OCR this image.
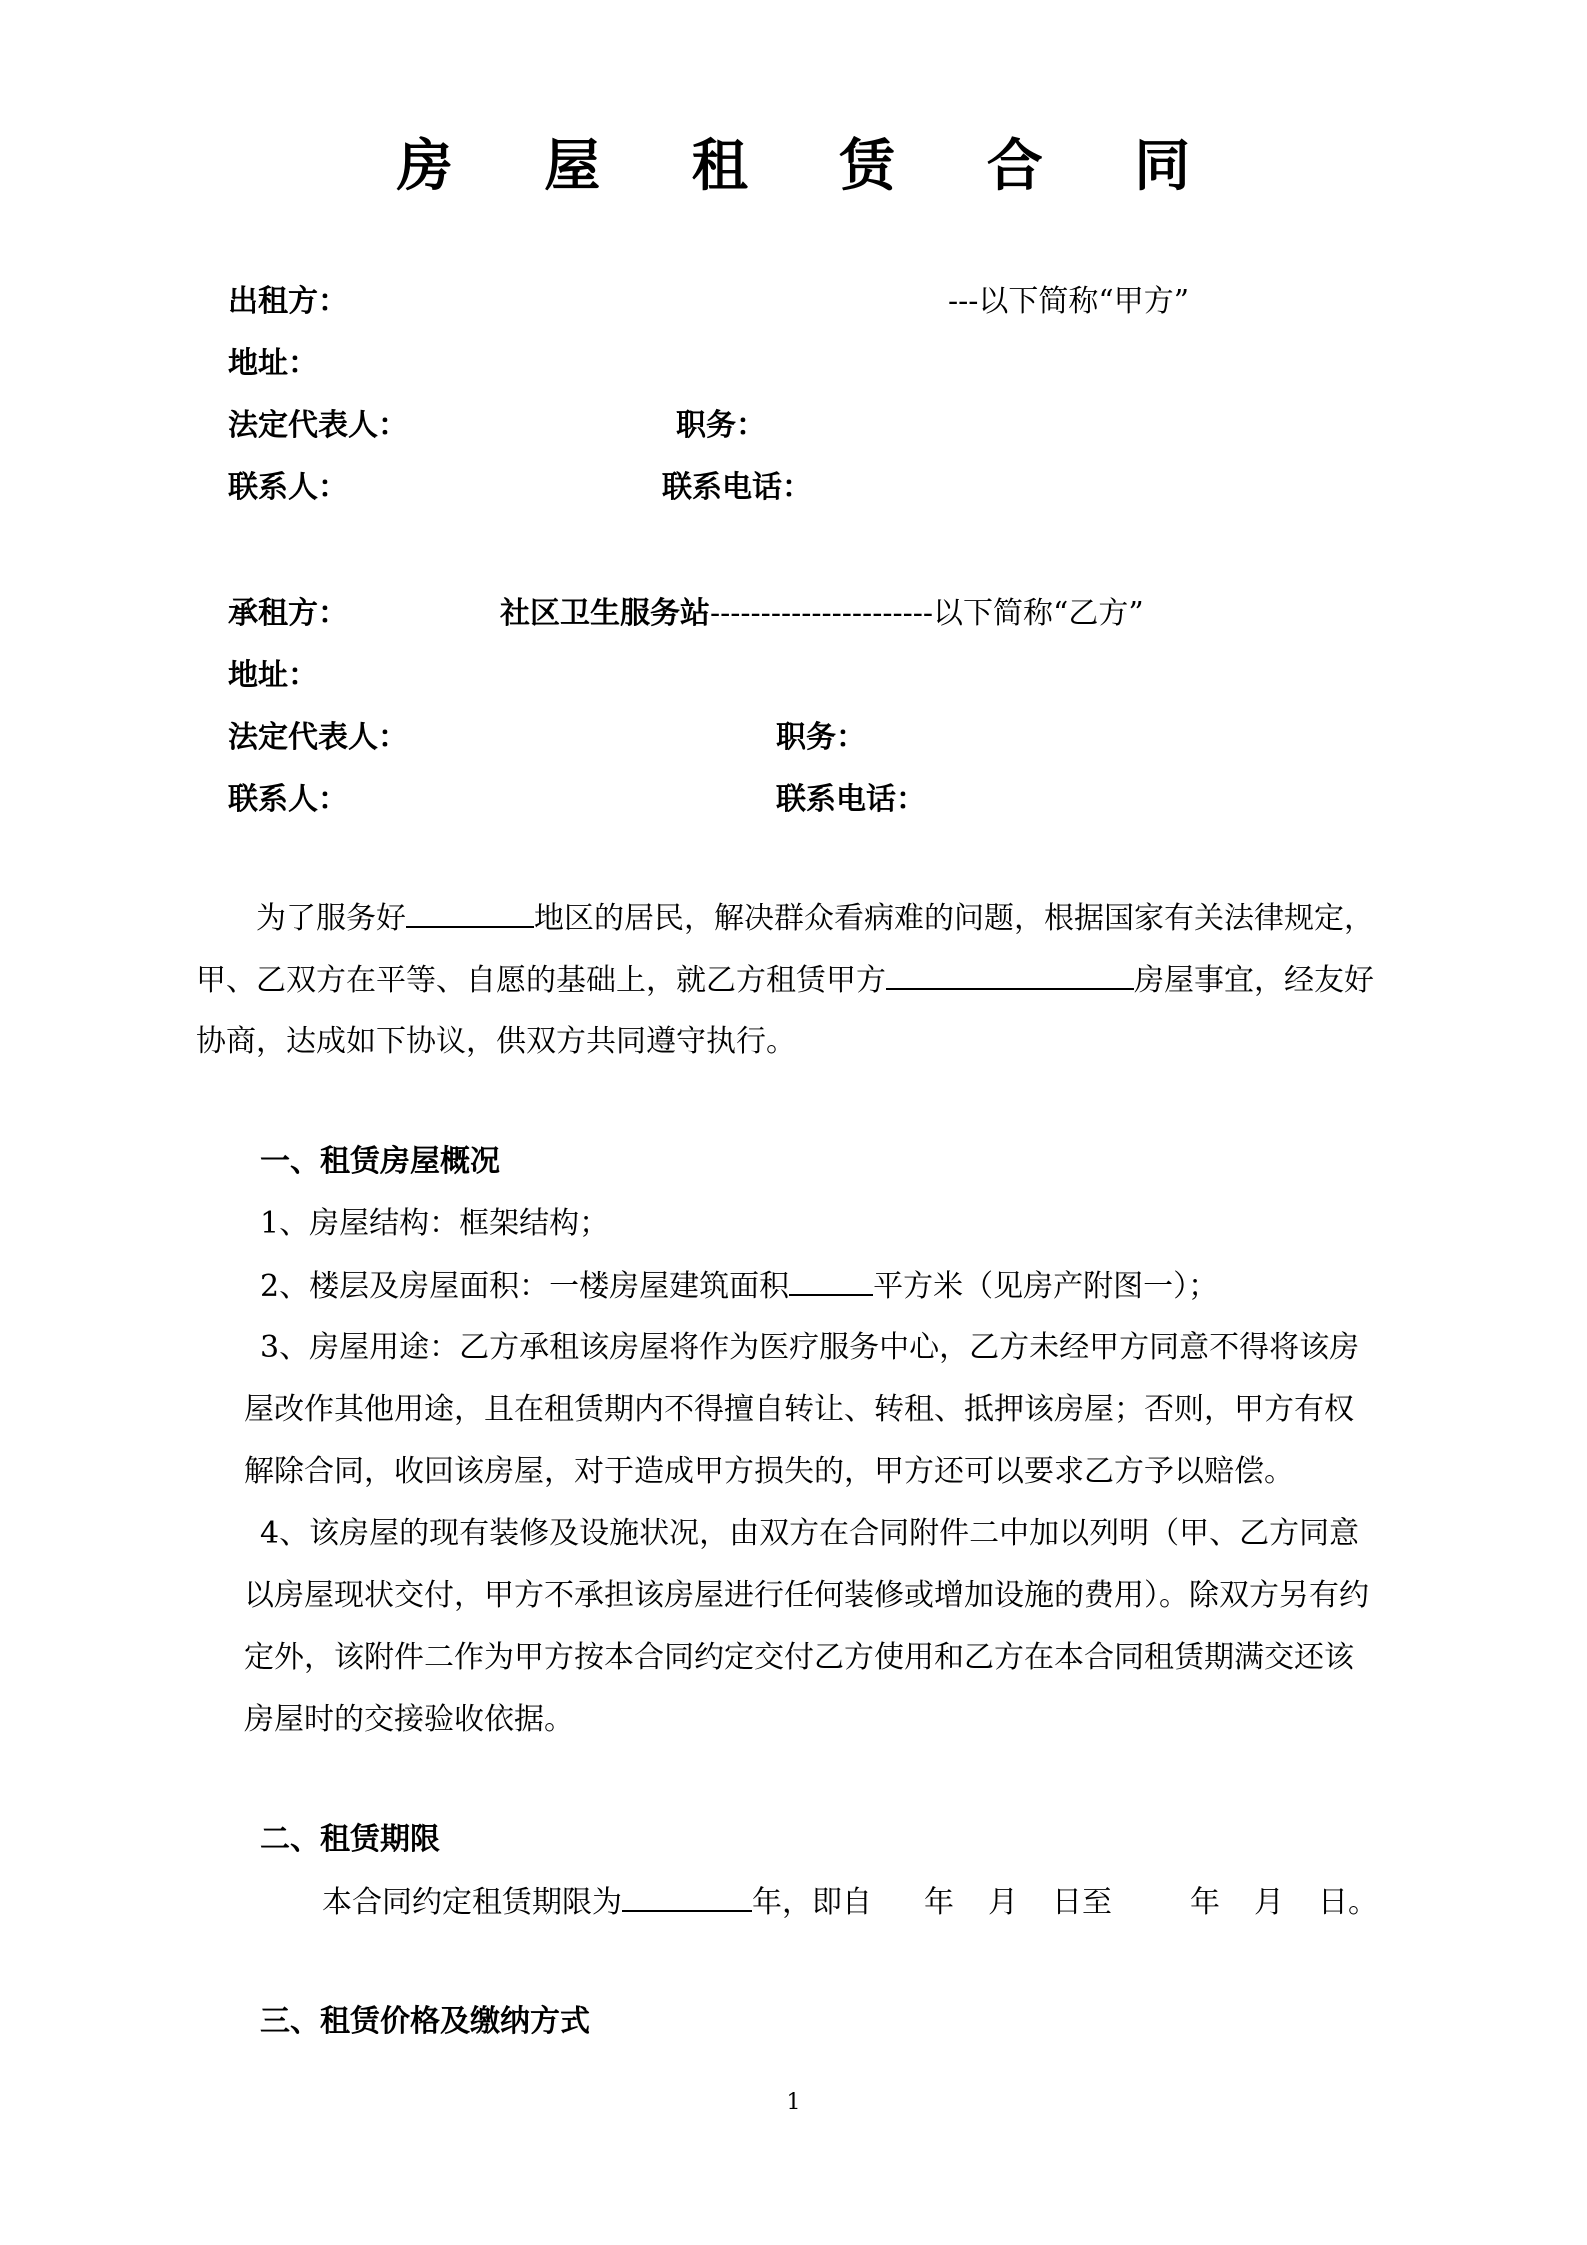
房 屋 租 赁 合 同
出租方：	---以下简称“甲方”
地址：
法定代表人：	职务：
联系人：	联系电话：
承租方：	社区卫生服务站----------------------以下简称“乙方”
地址：
法定代表人：	职务：
联系人：	联系电话：
为了服务好	地区的居民，解决群众看病难的问题，根据国家有关法律规定，
甲、乙双方在平等、自愿的基础上，就乙方租赁甲方	房屋事宜，经友好
协商，达成如下协议，供双方共同遵守执行。
一、租赁房屋概况
1、房屋结构：框架结构；
2、楼层及房屋面积：一楼房屋建筑面积	平方米（见房产附图一）；
3、房屋用途：乙方承租该房屋将作为医疗服务中心，乙方未经甲方同意不得将该房
屋改作其他用途，且在租赁期内不得擅自转让、转租、抵押该房屋；否则，甲方有权
解除合同，收回该房屋，对于造成甲方损失的，甲方还可以要求乙方予以赔偿。
4、该房屋的现有装修及设施状况，由双方在合同附件二中加以列明（甲、乙方同意
以房屋现状交付，甲方不承担该房屋进行任何装修或增加设施的费用）。除双方另有约
定外，该附件二作为甲方按本合同约定交付乙方使用和乙方在本合同租赁期满交还该
房屋时的交接验收依据。
二、租赁期限
本合同约定租赁期限为	年，即自 年 月 日至	年 月 日。
三、租赁价格及缴纳方式
1
